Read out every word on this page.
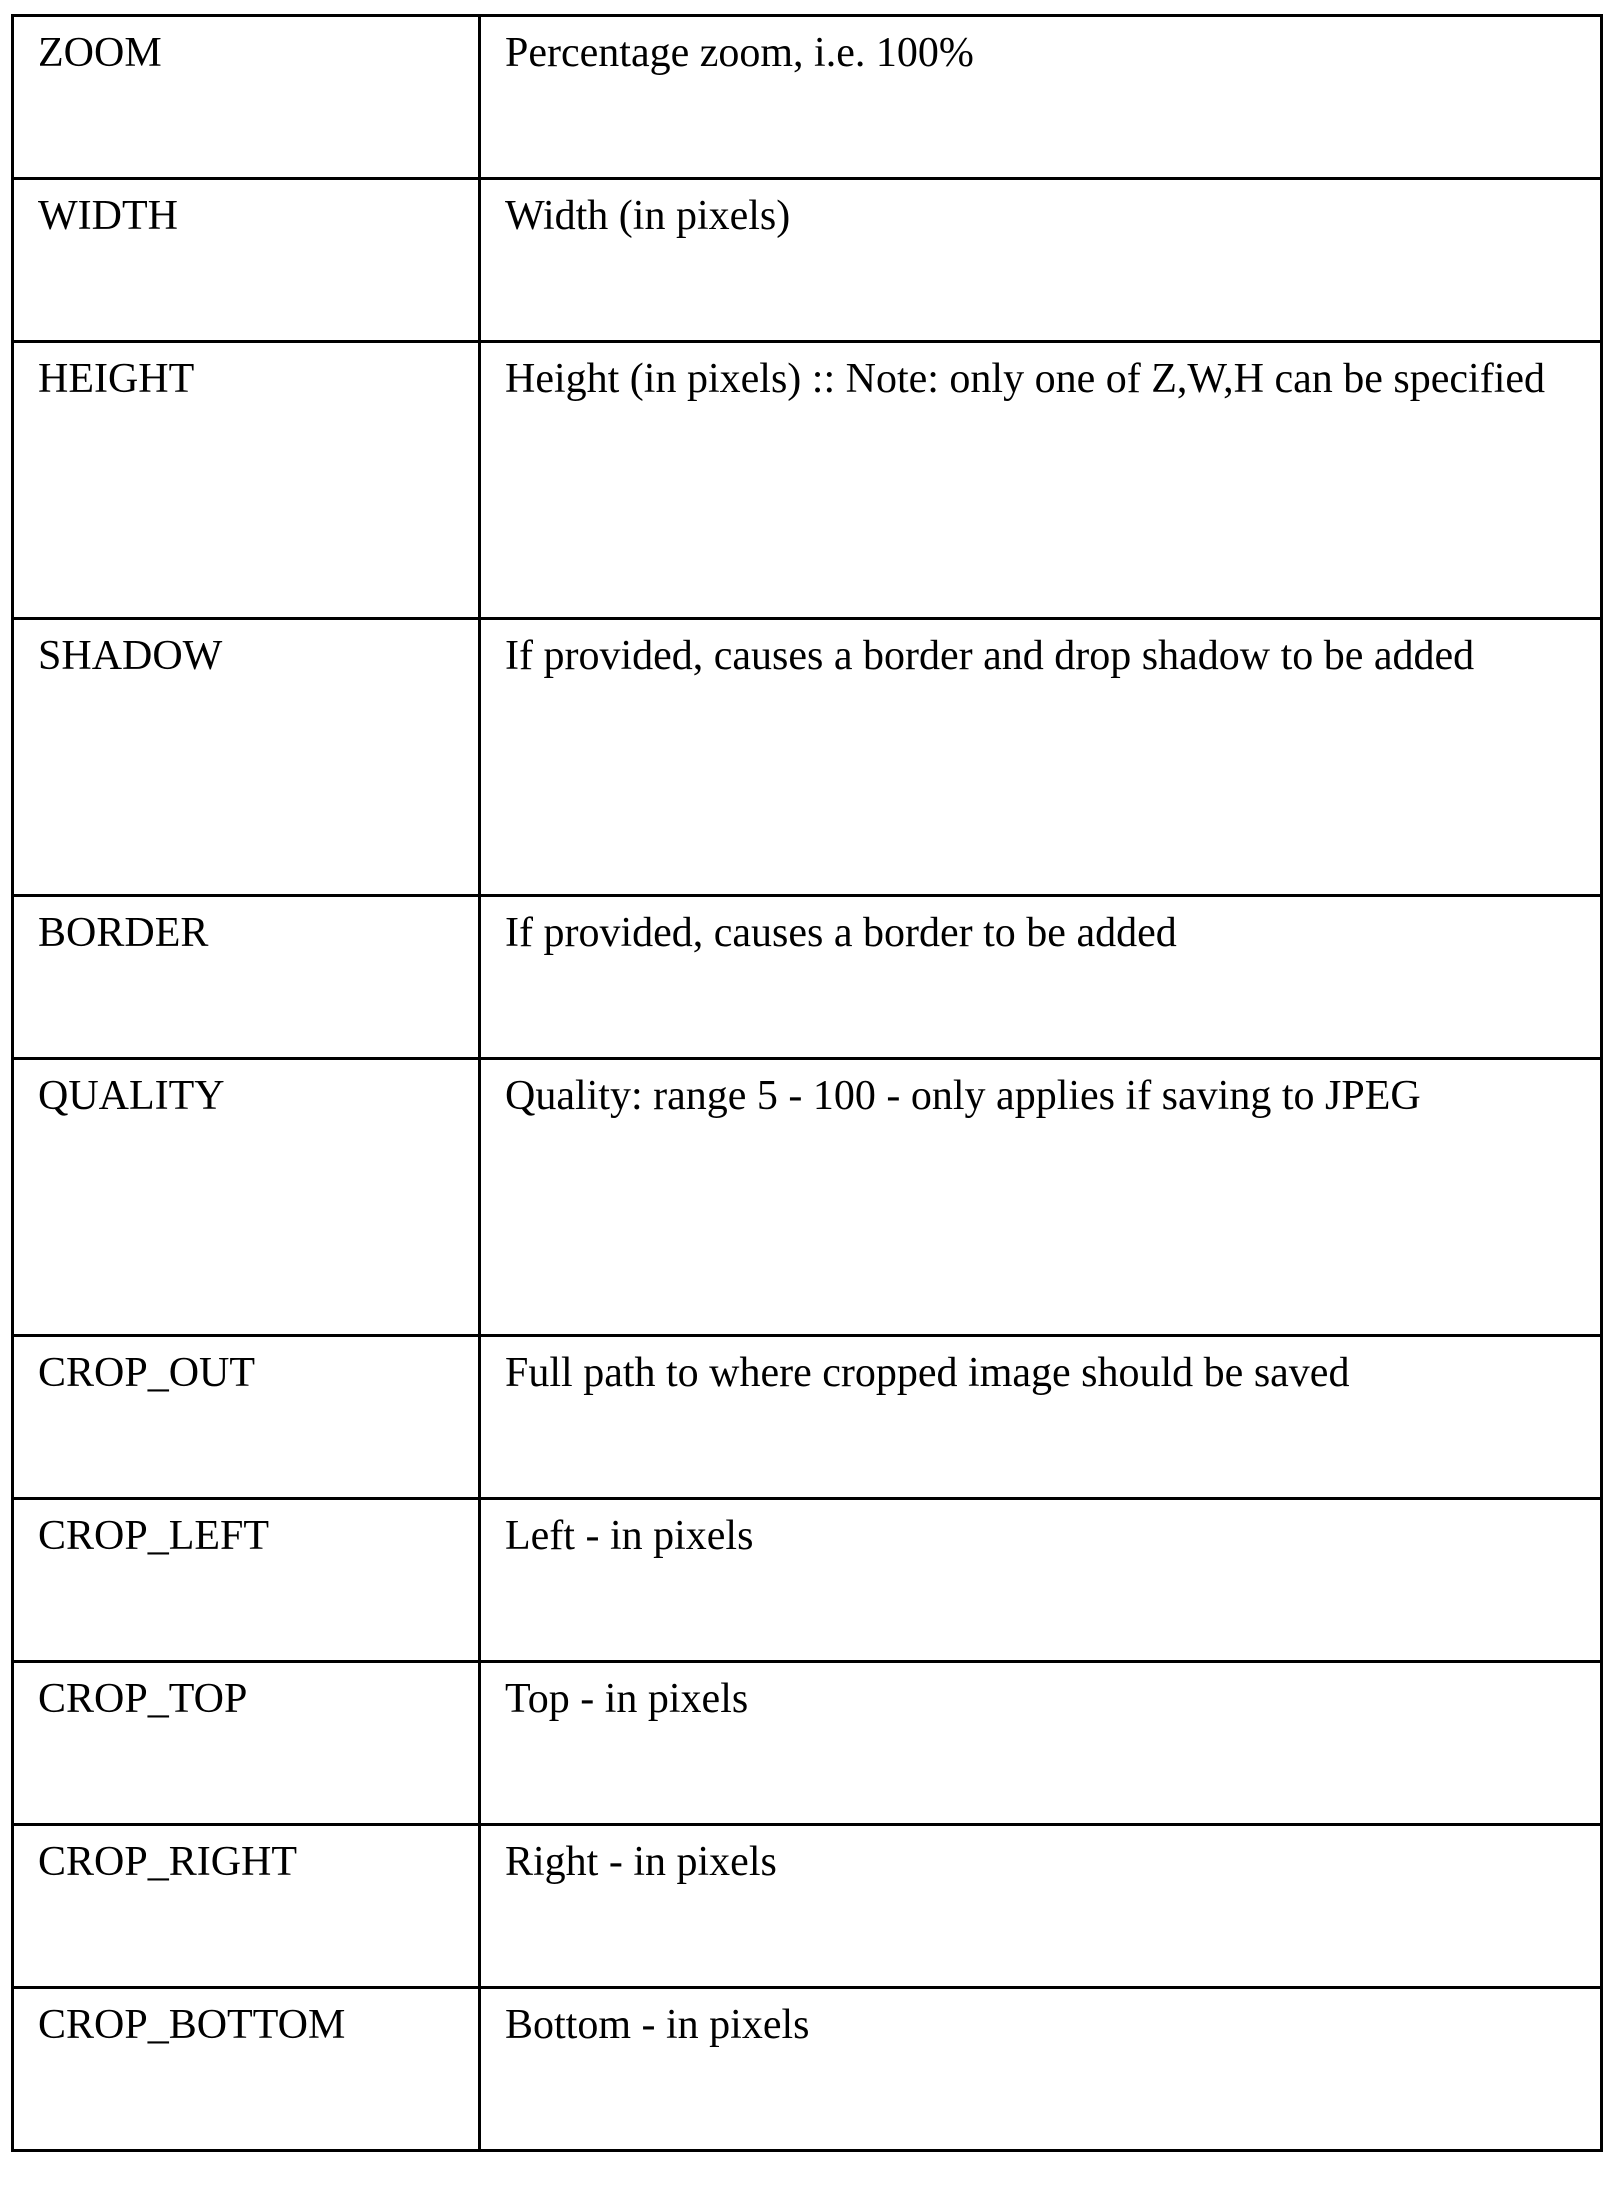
ZOOM	Percentage zoom, i.e. 100%

WIDTH	Width (in pixels)

HEIGHT	Height (in pixels) :: Note: only one of Z,W,H can be specified

SHADOW	If provided, causes a border and drop shadow to be added

BORDER	If provided, causes a border to be added

QUALITY	Quality: range 5 - 100 - only applies if saving to JPEG

CROP_OUT	Full path to where cropped image should be saved

CROP_LEFT	Left - in pixels

CROP_TOP	Top - in pixels

CROP_RIGHT	Right - in pixels

CROP_BOTTOM	Bottom - in pixels
